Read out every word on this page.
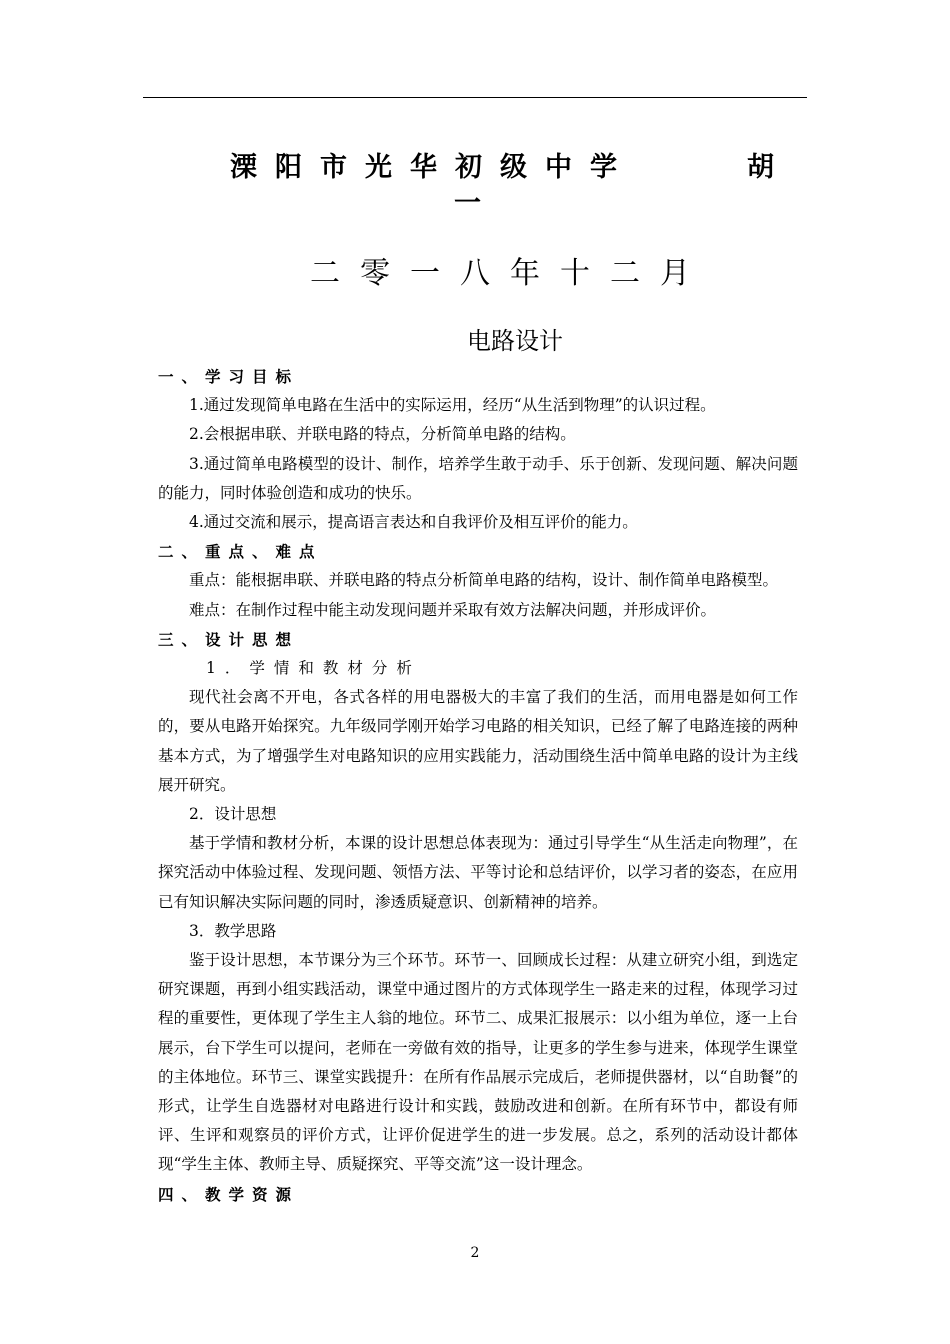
溧阳市光华初级中学	胡
一
二零一八年十二月
电路设计

一、学习目标

1.通过发现简单电路在生活中的实际运用，经历“从生活到物理”的认识过程。

2.会根据串联、并联电路的特点，分析简单电路的结构。

3.通过简单电路模型的设计、制作，培养学生敢于动手、乐于创新、发现问题、解决问题的能力，同时体验创造和成功的快乐。

4.通过交流和展示，提高语言表达和自我评价及相互评价的能力。

二、重点、难点

重点：能根据串联、并联电路的特点分析简单电路的结构，设计、制作简单电路模型。

难点：在制作过程中能主动发现问题并采取有效方法解决问题，并形成评价。

三、设计思想

1．学情和教材分析

现代社会离不开电，各式各样的用电器极大的丰富了我们的生活，而用电器是如何工作的，要从电路开始探究。九年级同学刚开始学习电路的相关知识，已经了解了电路连接的两种基本方式，为了增强学生对电路知识的应用实践能力，活动围绕生活中简单电路的设计为主线展开研究。

2．设计思想

基于学情和教材分析，本课的设计思想总体表现为：通过引导学生“从生活走向物理”，在探究活动中体验过程、发现问题、领悟方法、平等讨论和总结评价，以学习者的姿态，在应用已有知识解决实际问题的同时，渗透质疑意识、创新精神的培养。

3．教学思路

鉴于设计思想，本节课分为三个环节。环节一、回顾成长过程：从建立研究小组，到选定研究课题，再到小组实践活动，课堂中通过图片的方式体现学生一路走来的过程，体现学习过程的重要性，更体现了学生主人翁的地位。环节二、成果汇报展示：以小组为单位，逐一上台展示，台下学生可以提问，老师在一旁做有效的指导，让更多的学生参与进来，体现学生课堂的主体地位。环节三、课堂实践提升：在所有作品展示完成后，老师提供器材，以“自助餐”的形式，让学生自选器材对电路进行设计和实践，鼓励改进和创新。在所有环节中，都设有师评、生评和观察员的评价方式，让评价促进学生的进一步发展。总之，系列的活动设计都体现“学生主体、教师主导、质疑探究、平等交流”这一设计理念。

四、教学资源

2
